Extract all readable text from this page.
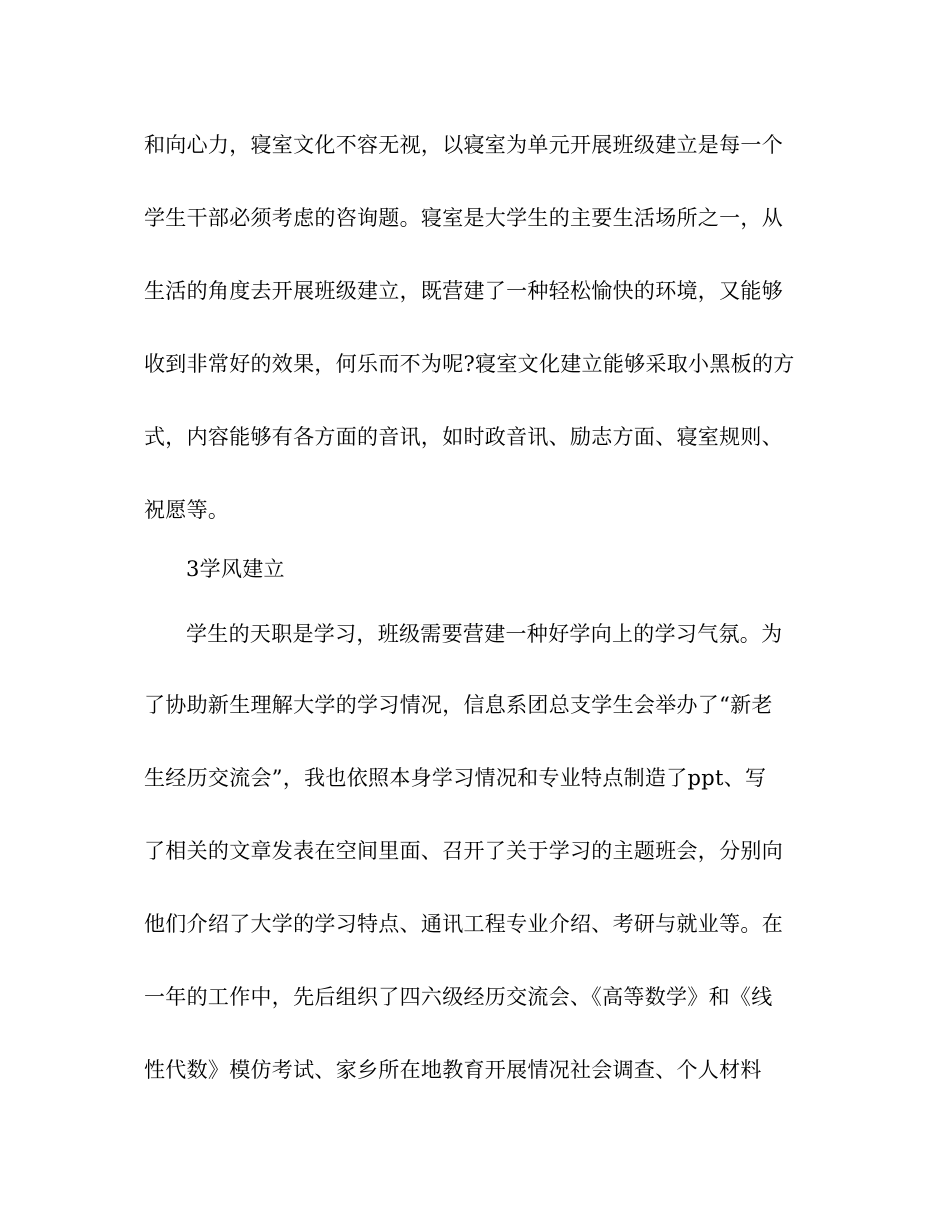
和向心力，寝室文化不容无视，以寝室为单元开展班级建立是每一个
学生干部必须考虑的咨询题。寝室是大学生的主要生活场所之一，从
生活的角度去开展班级建立，既营建了一种轻松愉快的环境，又能够
收到非常好的效果，何乐而不为呢?寝室文化建立能够采取小黑板的方
式，内容能够有各方面的音讯，如时政音讯、励志方面、寝室规则、
祝愿等。
3学风建立
学生的天职是学习，班级需要营建一种好学向上的学习气氛。为
了协助新生理解大学的学习情况，信息系团总支学生会举办了“新老
生经历交流会”，我也依照本身学习情况和专业特点制造了ppt、写
了相关的文章发表在空间里面、召开了关于学习的主题班会，分别向
他们介绍了大学的学习特点、通讯工程专业介绍、考研与就业等。在
一年的工作中，先后组织了四六级经历交流会、《高等数学》和《线
性代数》模仿考试、家乡所在地教育开展情况社会调查、个人材料
